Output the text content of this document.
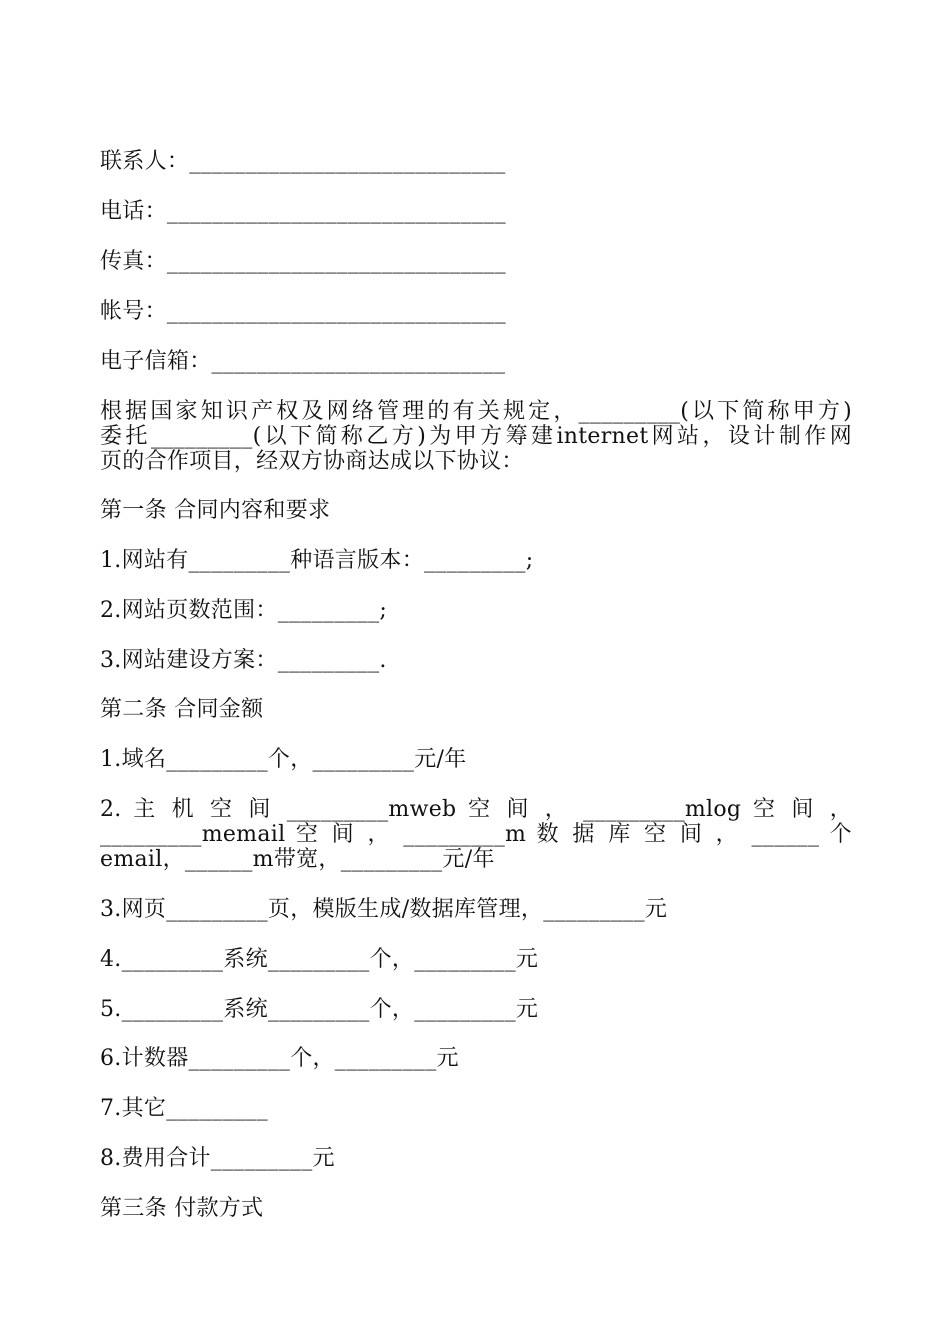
联系人：____________________________
电话：______________________________
传真：______________________________
帐号：______________________________
电子信箱：__________________________
根据国家知识产权及网络管理的有关规定，_________(以下简称甲方)
委托_________(以下简称乙方)为甲方筹建internet网站，设计制作网
页的合作项目，经双方协商达成以下协议：
第一条 合同内容和要求
1.网站有_________种语言版本：_________;
2.网站页数范围：_________;
3.网站建设方案：_________.
第二条 合同金额
1.域名_________个，_________元/年
2. 主 机 空 间 _________mweb 空 间 ， _________mlog 空 间 ，
_________memail 空 间 ， _________m 数 据 库 空 间 ， ______ 个
email，______m带宽，_________元/年
3.网页_________页，模版生成/数据库管理，_________元
4._________系统_________个，_________元
5._________系统_________个，_________元
6.计数器_________个，_________元
7.其它_________
8.费用合计_________元
第三条 付款方式
